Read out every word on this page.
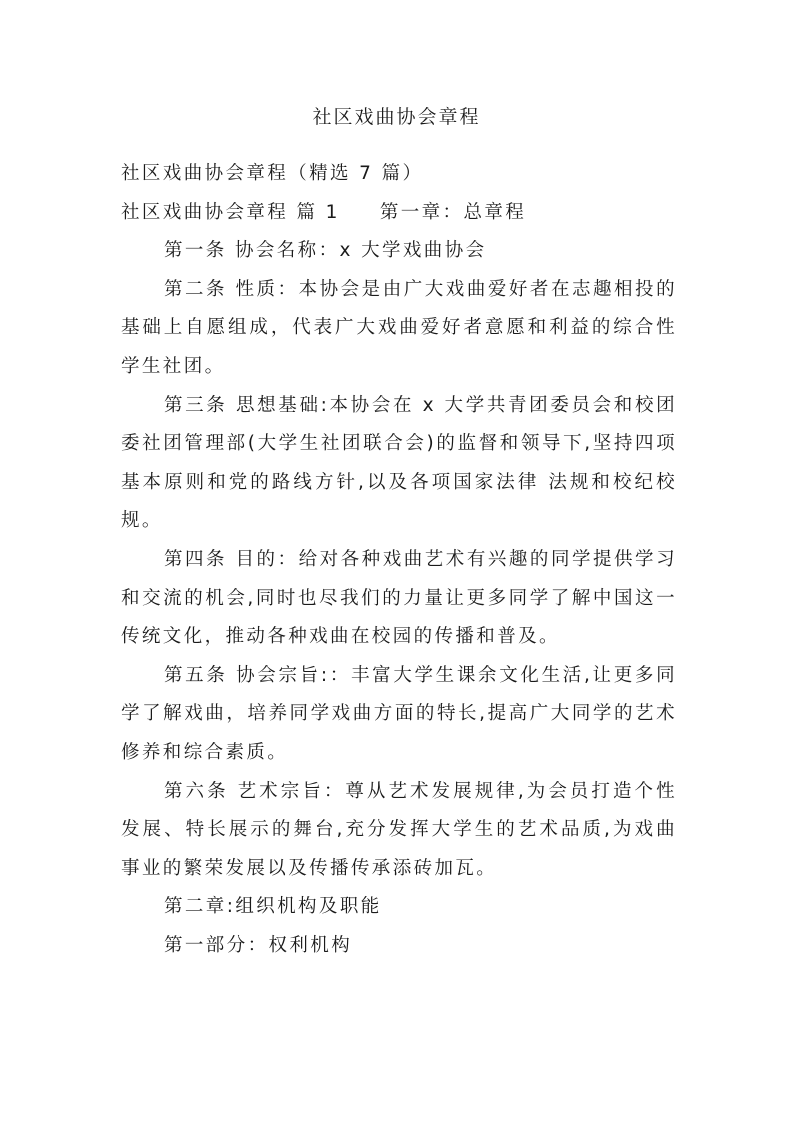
社区戏曲协会章程

社区戏曲协会章程（精选 7 篇）

社区戏曲协会章程 篇 1 第一章：总章程

第一条 协会名称：x 大学戏曲协会

第二条 性质：本协会是由广大戏曲爱好者在志趣相投的基础上自愿组成，代表广大戏曲爱好者意愿和利益的综合性学生社团。

第三条 思想基础:本协会在 x 大学共青团委员会和校团委社团管理部(大学生社团联合会)的监督和领导下,坚持四项基本原则和党的路线方针,以及各项国家法律 法规和校纪校规。

第四条 目的：给对各种戏曲艺术有兴趣的同学提供学习和交流的机会,同时也尽我们的力量让更多同学了解中国这一传统文化，推动各种戏曲在校园的传播和普及。

第五条 协会宗旨:：丰富大学生课余文化生活,让更多同学了解戏曲，培养同学戏曲方面的特长,提高广大同学的艺术修养和综合素质。

第六条 艺术宗旨：尊从艺术发展规律,为会员打造个性发展、特长展示的舞台,充分发挥大学生的艺术品质,为戏曲事业的繁荣发展以及传播传承添砖加瓦。

第二章:组织机构及职能

第一部分：权利机构
